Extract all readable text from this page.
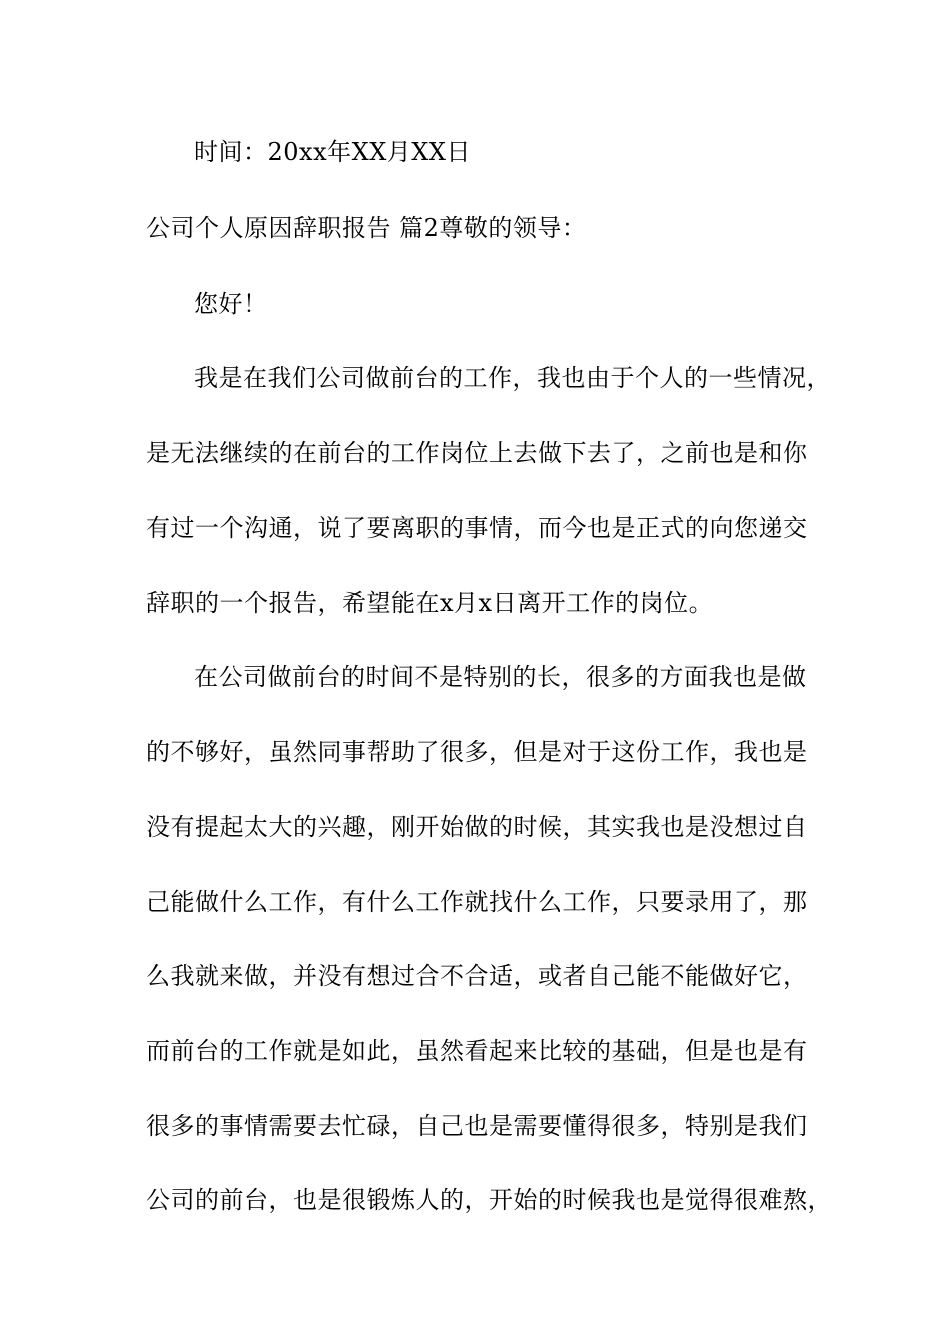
时间：20xx年XX月XX日
公司个人原因辞职报告 篇2尊敬的领导：
您好！
我是在我们公司做前台的工作，我也由于个人的一些情况，
是无法继续的在前台的工作岗位上去做下去了，之前也是和你
有过一个沟通，说了要离职的事情，而今也是正式的向您递交
辞职的一个报告，希望能在x月x日离开工作的岗位。
在公司做前台的时间不是特别的长，很多的方面我也是做
的不够好，虽然同事帮助了很多，但是对于这份工作，我也是
没有提起太大的兴趣，刚开始做的时候，其实我也是没想过自
己能做什么工作，有什么工作就找什么工作，只要录用了，那
么我就来做，并没有想过合不合适，或者自己能不能做好它，
而前台的工作就是如此，虽然看起来比较的基础，但是也是有
很多的事情需要去忙碌，自己也是需要懂得很多，特别是我们
公司的前台，也是很锻炼人的，开始的时候我也是觉得很难熬，
